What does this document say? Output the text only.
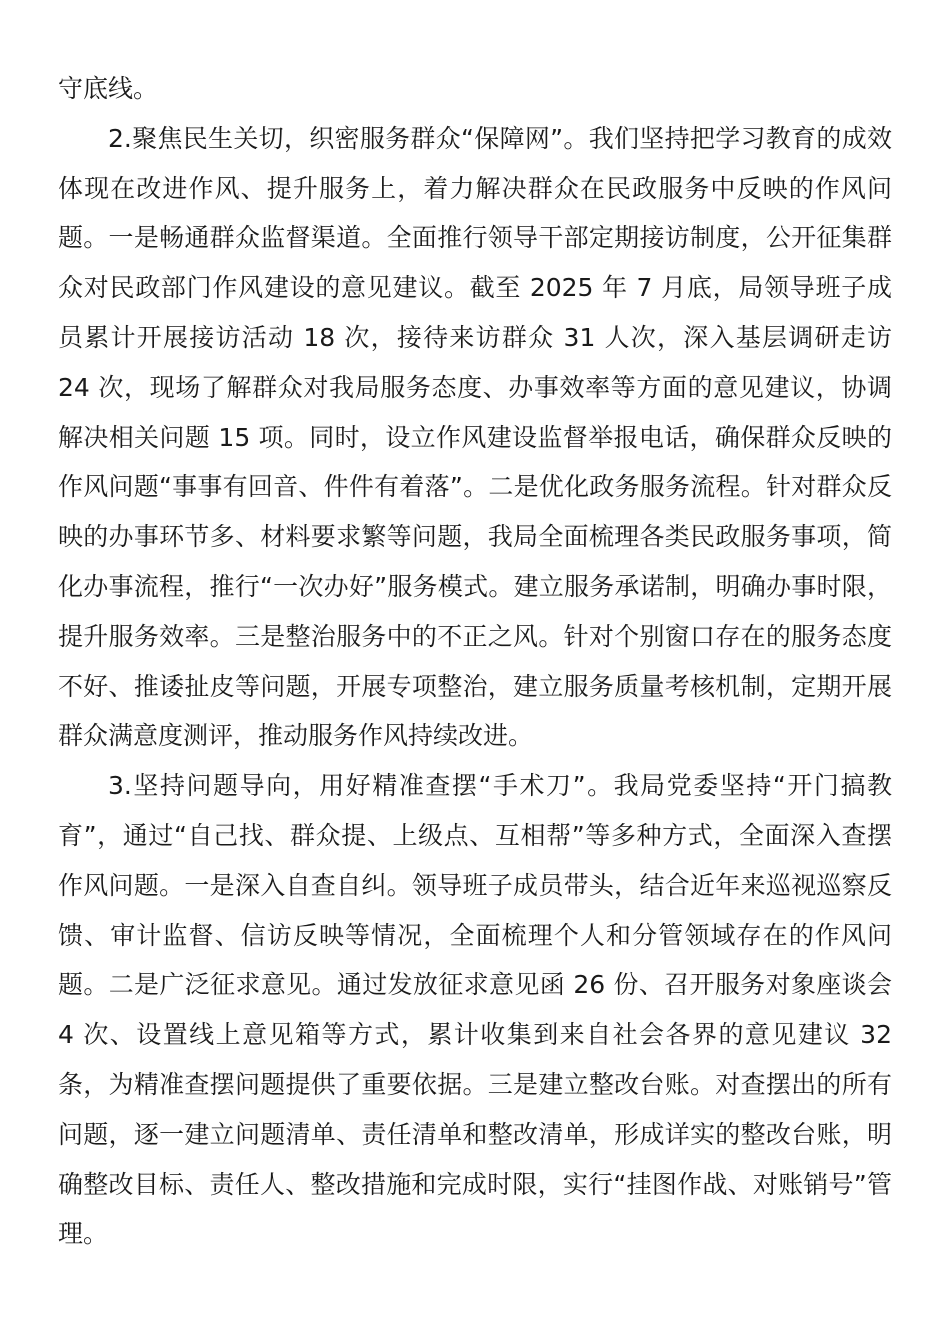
守底线。

2.聚焦民生关切，织密服务群众“保障网”。我们坚持把学习教育的成效体现在改进作风、提升服务上，着力解决群众在民政服务中反映的作风问题。一是畅通群众监督渠道。全面推行领导干部定期接访制度，公开征集群众对民政部门作风建设的意见建议。截至 2025 年 7 月底，局领导班子成员累计开展接访活动 18 次，接待来访群众 31 人次，深入基层调研走访 24 次，现场了解群众对我局服务态度、办事效率等方面的意见建议，协调解决相关问题 15 项。同时，设立作风建设监督举报电话，确保群众反映的作风问题“事事有回音、件件有着落”。二是优化政务服务流程。针对群众反映的办事环节多、材料要求繁等问题，我局全面梳理各类民政服务事项，简化办事流程，推行“一次办好”服务模式。建立服务承诺制，明确办事时限，提升服务效率。三是整治服务中的不正之风。针对个别窗口存在的服务态度不好、推诿扯皮等问题，开展专项整治，建立服务质量考核机制，定期开展群众满意度测评，推动服务作风持续改进。

3.坚持问题导向，用好精准查摆“手术刀”。我局党委坚持“开门搞教育”，通过“自己找、群众提、上级点、互相帮”等多种方式，全面深入查摆作风问题。一是深入自查自纠。领导班子成员带头，结合近年来巡视巡察反馈、审计监督、信访反映等情况，全面梳理个人和分管领域存在的作风问题。二是广泛征求意见。通过发放征求意见函 26 份、召开服务对象座谈会 4 次、设置线上意见箱等方式，累计收集到来自社会各界的意见建议 32 条，为精准查摆问题提供了重要依据。三是建立整改台账。对查摆出的所有问题，逐一建立问题清单、责任清单和整改清单，形成详实的整改台账，明确整改目标、责任人、整改措施和完成时限，实行“挂图作战、对账销号”管理。
